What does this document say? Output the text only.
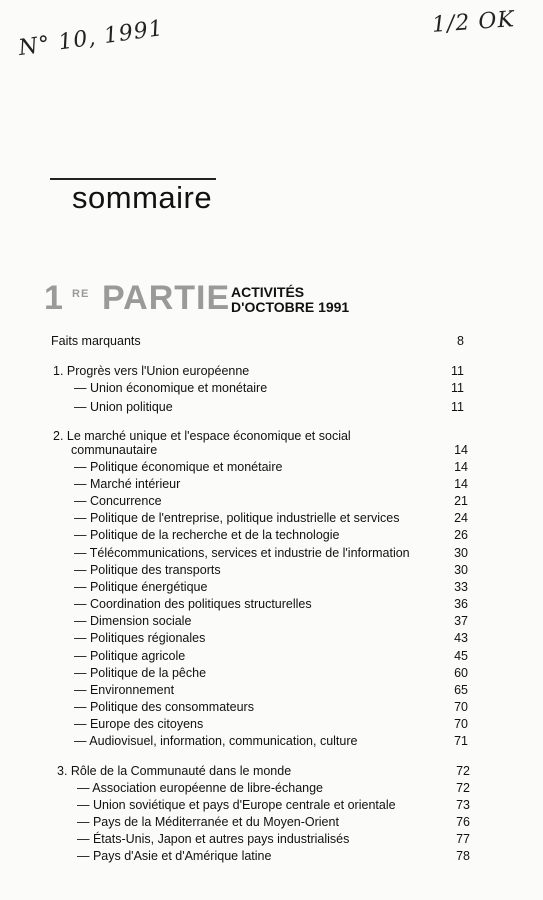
N° 10, 1991	1/2 OK
sommaire
1 RE PARTIE ACTIVITÉS
D'OCTOBRE 1991
Faits marquants	8
1. Progrès vers l'Union européenne	11
— Union économique et monétaire	11
— Union politique	11
2. Le marché unique et l'espace économique et social
communautaire	14
— Politique économique et monétaire	14
— Marché intérieur	14
— Concurrence	21
— Politique de l'entreprise, politique industrielle et services	24
— Politique de la recherche et de la technologie	26
— Télécommunications, services et industrie de l'information	30
— Politique des transports	30
— Politique énergétique	33
— Coordination des politiques structurelles	36
— Dimension sociale	37
— Politiques régionales	43
— Politique agricole	45
— Politique de la pêche	60
— Environnement	65
— Politique des consommateurs	70
— Europe des citoyens	70
— Audiovisuel, information, communication, culture	71
3. Rôle de la Communauté dans le monde	72
— Association européenne de libre-échange	72
— Union soviétique et pays d'Europe centrale et orientale	73
— Pays de la Méditerranée et du Moyen-Orient	76
— États-Unis, Japon et autres pays industrialisés	77
— Pays d'Asie et d'Amérique latine	78
